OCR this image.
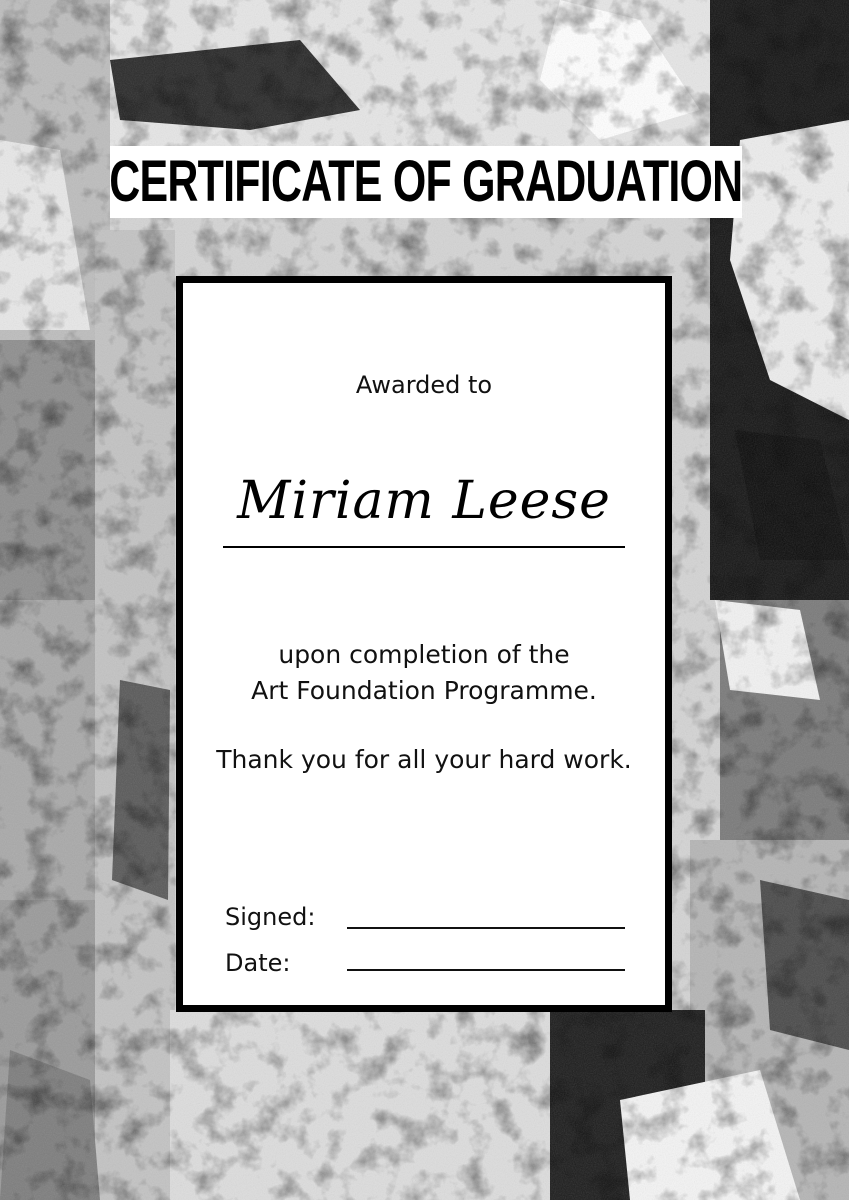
CERTIFICATE OF GRADUATION
Awarded to
Miriam Leese
upon completion of the
Art Foundation Programme.
Thank you for all your hard work.
Signed:
Date:
